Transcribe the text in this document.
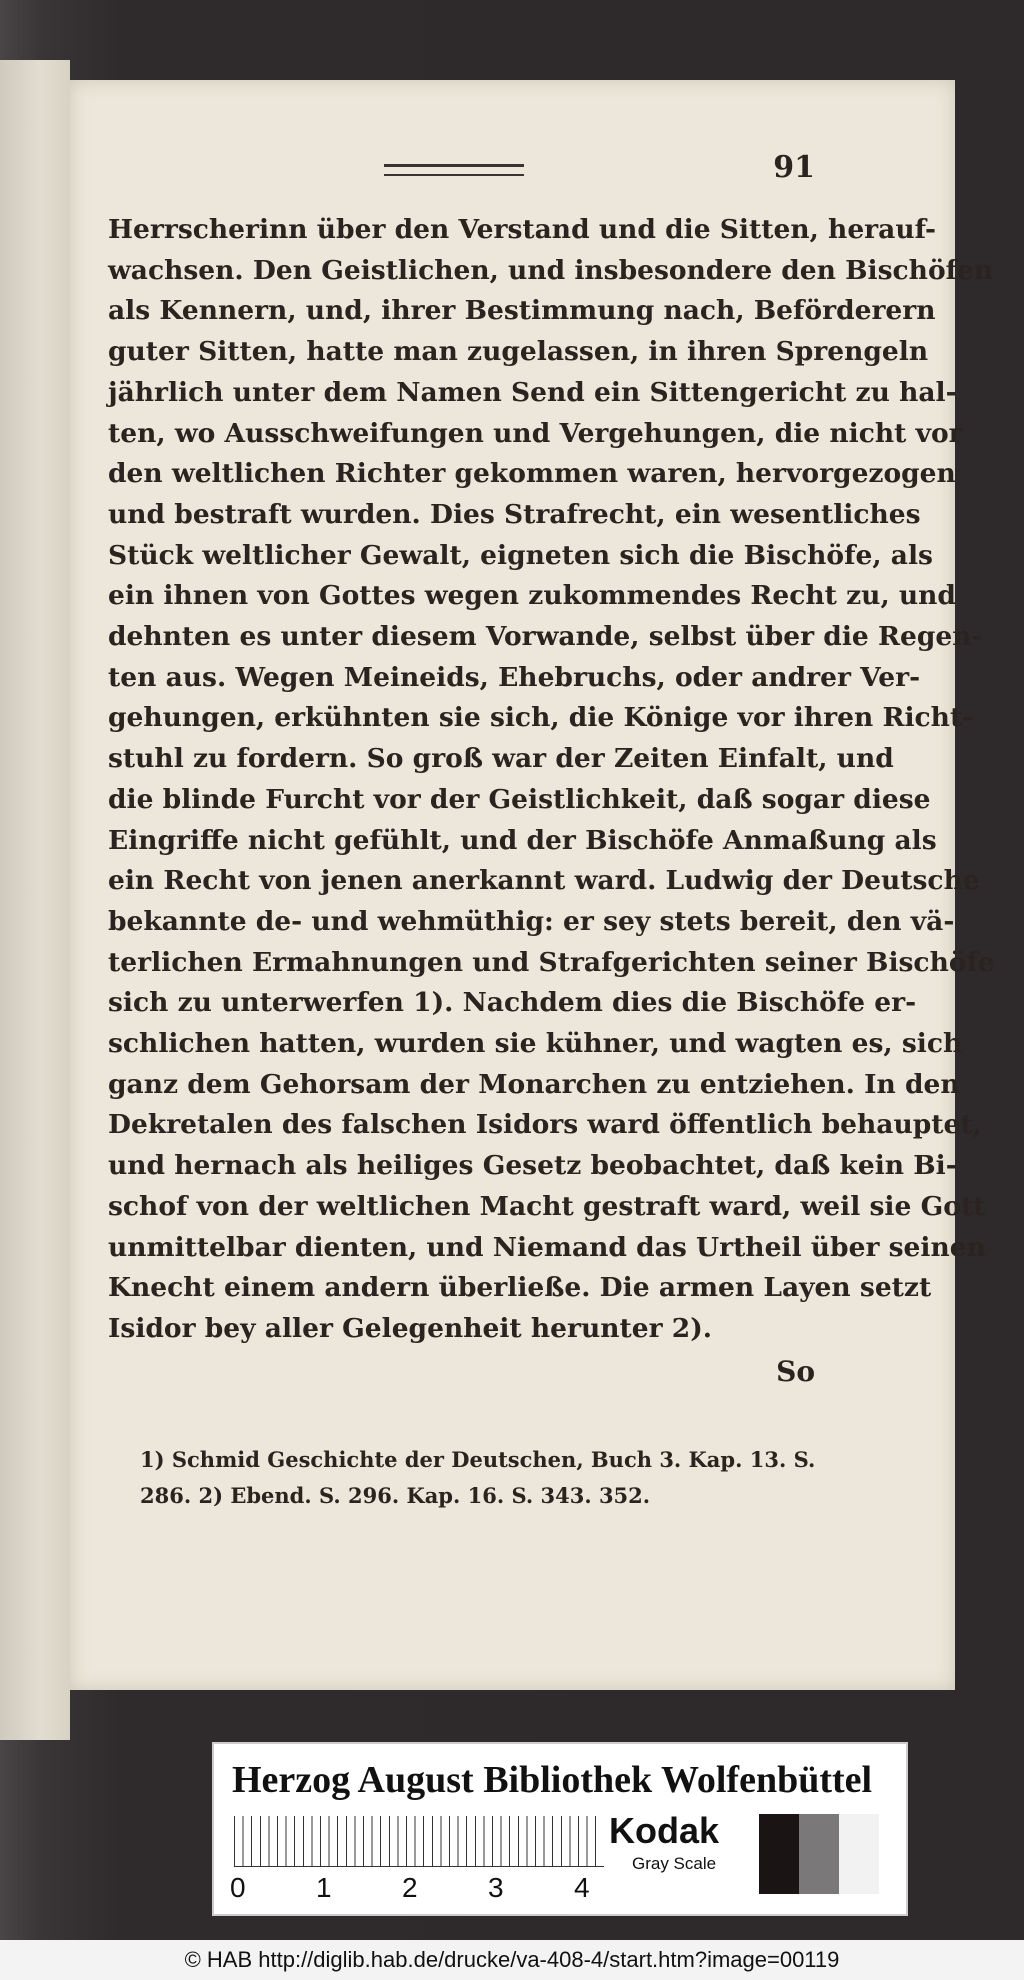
91
Herrscherinn über den Verstand und die Sitten, herauf-
wachsen. Den Geistlichen, und insbesondere den Bischöfen
als Kennern, und, ihrer Bestimmung nach, Beförderern
guter Sitten, hatte man zugelassen, in ihren Sprengeln
jährlich unter dem Namen Send ein Sittengericht zu hal-
ten, wo Ausschweifungen und Vergehungen, die nicht vor
den weltlichen Richter gekommen waren, hervorgezogen
und bestraft wurden. Dies Strafrecht, ein wesentliches
Stück weltlicher Gewalt, eigneten sich die Bischöfe, als
ein ihnen von Gottes wegen zukommendes Recht zu, und
dehnten es unter diesem Vorwande, selbst über die Regen-
ten aus. Wegen Meineids, Ehebruchs, oder andrer Ver-
gehungen, erkühnten sie sich, die Könige vor ihren Richt-
stuhl zu fordern. So groß war der Zeiten Einfalt, und
die blinde Furcht vor der Geistlichkeit, daß sogar diese
Eingriffe nicht gefühlt, und der Bischöfe Anmaßung als
ein Recht von jenen anerkannt ward. Ludwig der Deutsche
bekannte de- und wehmüthig: er sey stets bereit, den vä-
terlichen Ermahnungen und Strafgerichten seiner Bischöfe
sich zu unterwerfen 1). Nachdem dies die Bischöfe er-
schlichen hatten, wurden sie kühner, und wagten es, sich
ganz dem Gehorsam der Monarchen zu entziehen. In den
Dekretalen des falschen Isidors ward öffentlich behauptet,
und hernach als heiliges Gesetz beobachtet, daß kein Bi-
schof von der weltlichen Macht gestraft ward, weil sie Gott
unmittelbar dienten, und Niemand das Urtheil über seinen
Knecht einem andern überließe. Die armen Layen setzt
Isidor bey aller Gelegenheit herunter 2).
So
1) Schmid Geschichte der Deutschen, Buch 3. Kap. 13. S.
286. 2) Ebend. S. 296. Kap. 16. S. 343. 352.
Herzog August Bibliothek Wolfenbüttel
0	1	2	3	4
Kodak
Gray Scale
© HAB http://diglib.hab.de/drucke/va-408-4/start.htm?image=00119
